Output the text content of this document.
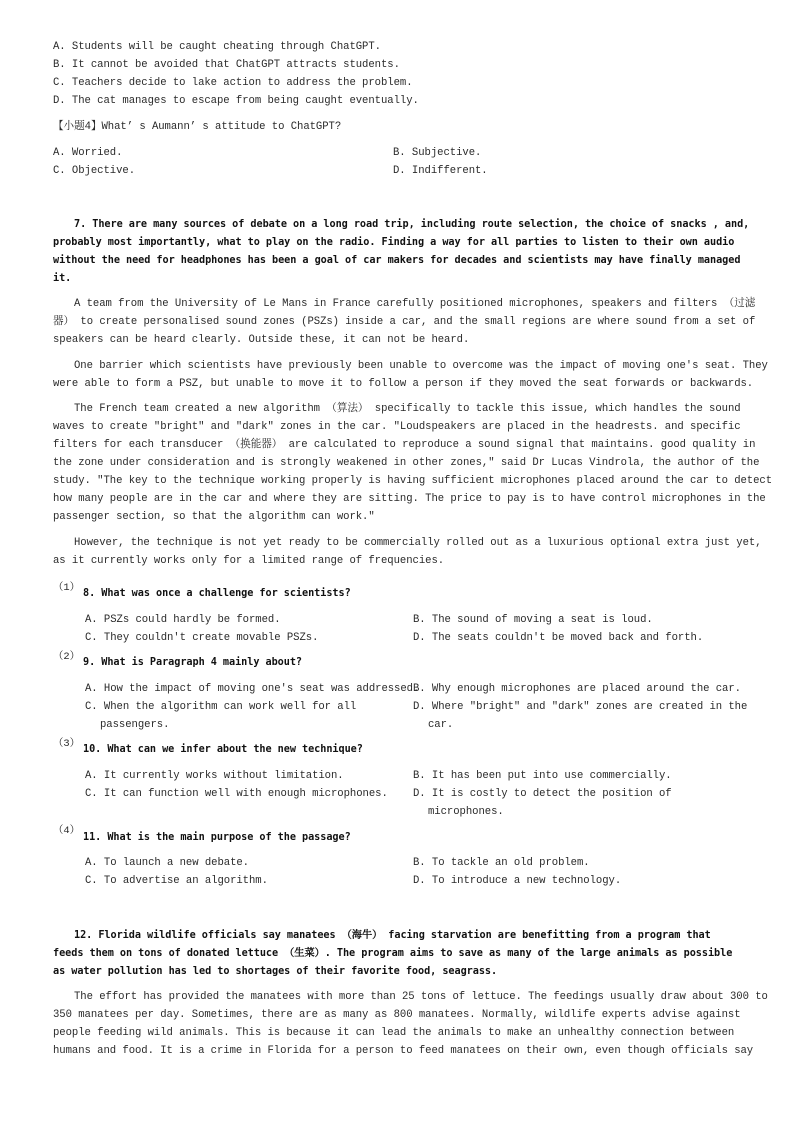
A. Students will be caught cheating through ChatGPT.
B. It cannot be avoided that ChatGPT attracts students.
C. Teachers decide to lake action to address the problem.
D. The cat manages to escape from being caught eventually.
【小题4】What’ s Aumann’ s attitude to ChatGPT?
A. Worried.	B. Subjective.
C. Objective.	D. Indifferent.
7. There are many sources of debate on a long road trip, including route selection, the choice of snacks , and,
probably most importantly, what to play on the radio. Finding a way for all parties to listen to their own audio
without the need for headphones has been a goal of car makers for decades and scientists may have finally managed
it.
A team from the University of Le Mans in France carefully positioned microphones, speakers and filters （过滤
器） to create personalised sound zones (PSZs) inside a car, and the small regions are where sound from a set of
speakers can be heard clearly. Outside these, it can not be heard.
One barrier which scientists have previously been unable to overcome was the impact of moving one's seat. They
were able to form a PSZ, but unable to move it to follow a person if they moved the seat forwards or backwards.
The French team created a new algorithm （算法） specifically to tackle this issue, which handles the sound
waves to create "bright" and "dark" zones in the car. "Loudspeakers are placed in the headrests. and specific
filters for each transducer （换能器） are calculated to reproduce a sound signal that maintains. good quality in
the zone under consideration and is strongly weakened in other zones," said Dr Lucas Vindrola, the author of the
study. "The key to the technique working properly is having sufficient microphones placed around the car to detect
how many people are in the car and where they are sitting. The price to pay is to have control microphones in the
passenger section, so that the algorithm can work."
However, the technique is not yet ready to be commercially rolled out as a luxurious optional extra just yet,
as it currently works only for a limited range of frequencies.
（1） 8. What was once a challenge for scientists?
A. PSZs could hardly be formed.	B. The sound of moving a seat is loud.
C. They couldn't create movable PSZs.	D. The seats couldn't be moved back and forth.
（2） 9. What is Paragraph 4 mainly about?
A. How the impact of moving one's seat was addressed.
B. Why enough microphones are placed around the car.
C. When the algorithm can work well for all	D. Where "bright" and "dark" zones are created in the
passengers.	car.
（3） 10. What can we infer about the new technique?
A. It currently works without limitation.	B. It has been put into use commercially.
C. It can function well with enough microphones. D. It is costly to detect the position of
microphones.
（4）
11. What is the main purpose of the passage?
A. To launch a new debate.	B. To tackle an old problem.
C. To advertise an algorithm.	D. To introduce a new technology.
12. Florida wildlife officials say manatees （海牛） facing starvation are benefitting from a program that
feeds them on tons of donated lettuce （生菜）. The program aims to save as many of the large animals as possible
as water pollution has led to shortages of their favorite food, seagrass.
The effort has provided the manatees with more than 25 tons of lettuce. The feedings usually draw about 300 to
350 manatees per day. Sometimes, there are as many as 800 manatees. Normally, wildlife experts advise against
people feeding wild animals. This is because it can lead the animals to make an unhealthy connection between
humans and food. It is a crime in Florida for a person to feed manatees on their own, even though officials say
